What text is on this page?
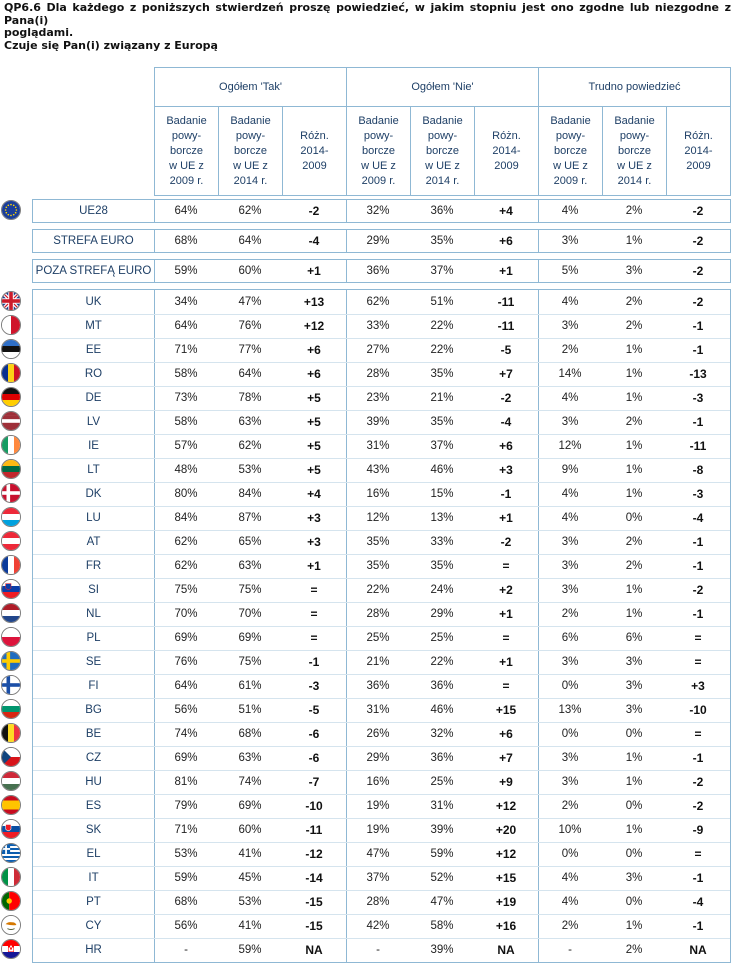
QP6.6 Dla każdego z poniższych stwierdzeń proszę powiedzieć, w jakim stopniu jest ono zgodne lub niezgodne z Pana(i)
poglądami.
Czuje się Pan(i) związany z Europą
Ogółem 'Tak'	Ogółem 'Nie'	Trudno powiedzieć
Badanie
powy-
borcze
w UE z
2009 r.
Badanie
powy-
borcze
w UE z
2014 r.
Różn.
2014-
2009
Badanie
powy-
borcze
w UE z
2009 r.
Badanie
powy-
borcze
w UE z
2014 r.
Różn.
2014-
2009
Badanie
powy-
borcze
w UE z
2009 r.
Badanie
powy-
borcze
w UE z
2014 r.
Różn.
2014-
2009
UE28	64%	62%	-2	32%	36%	+4	4%	2%	-2
STREFA EURO	68%	64%	-4	29%	35%	+6	3%	1%	-2
POZA STREFĄ EURO	59%	60%	+1	36%	37%	+1	5%	3%	-2
UK	34%	47%	+13	62%	51%	-11	4%	2%	-2
MT	64%	76%	+12	33%	22%	-11	3%	2%	-1
EE	71%	77%	+6	27%	22%	-5	2%	1%	-1
RO	58%	64%	+6	28%	35%	+7	14%	1%	-13
DE	73%	78%	+5	23%	21%	-2	4%	1%	-3
LV	58%	63%	+5	39%	35%	-4	3%	2%	-1
IE	57%	62%	+5	31%	37%	+6	12%	1%	-11
LT	48%	53%	+5	43%	46%	+3	9%	1%	-8
DK	80%	84%	+4	16%	15%	-1	4%	1%	-3
LU	84%	87%	+3	12%	13%	+1	4%	0%	-4
AT	62%	65%	+3	35%	33%	-2	3%	2%	-1
FR	62%	63%	+1	35%	35%	=	3%	2%	-1
SI	75%	75%	=	22%	24%	+2	3%	1%	-2
NL	70%	70%	=	28%	29%	+1	2%	1%	-1
PL	69%	69%	=	25%	25%	=	6%	6%	=
SE	76%	75%	-1	21%	22%	+1	3%	3%	=
FI	64%	61%	-3	36%	36%	=	0%	3%	+3
BG	56%	51%	-5	31%	46%	+15	13%	3%	-10
BE	74%	68%	-6	26%	32%	+6	0%	0%	=
CZ	69%	63%	-6	29%	36%	+7	3%	1%	-1
HU	81%	74%	-7	16%	25%	+9	3%	1%	-2
ES	79%	69%	-10	19%	31%	+12	2%	0%	-2
SK	71%	60%	-11	19%	39%	+20	10%	1%	-9
EL	53%	41%	-12	47%	59%	+12	0%	0%	=
IT	59%	45%	-14	37%	52%	+15	4%	3%	-1
PT	68%	53%	-15	28%	47%	+19	4%	0%	-4
CY	56%	41%	-15	42%	58%	+16	2%	1%	-1
HR	-	59%	NA	-	39%	NA	-	2%	NA
